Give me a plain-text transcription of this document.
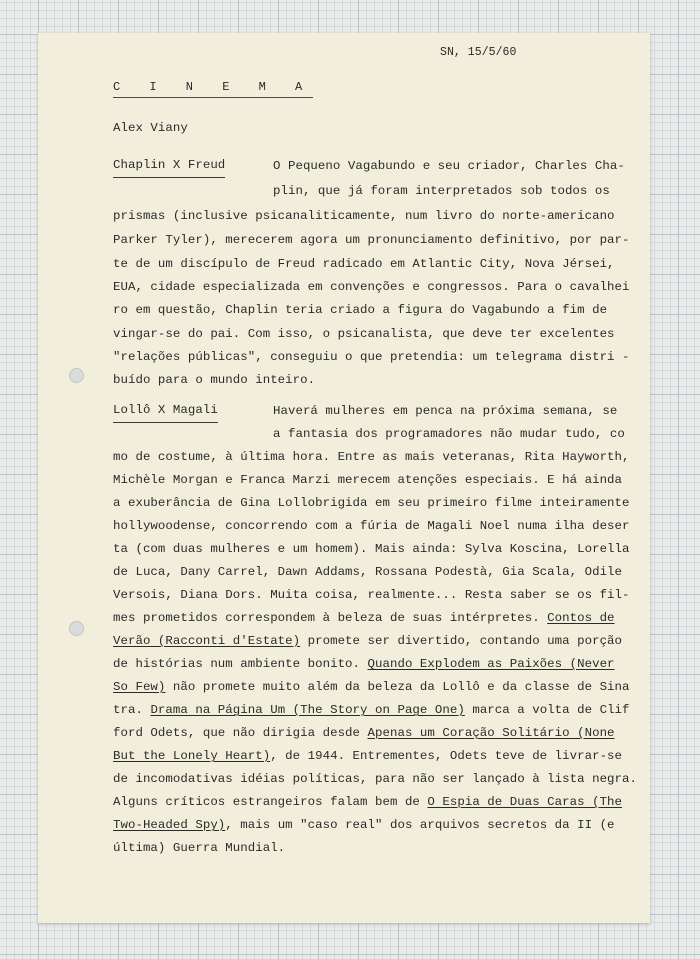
SN, 15/5/60
C I N E M A
Alex Viany
Chaplin X Freud	O Pequeno Vagabundo e seu criador, Charles Cha-
plin, que já foram interpretados sob todos os
prismas (inclusive psicanaliticamente, num livro do norte-americano
Parker Tyler), merecerem agora um pronunciamento definitivo, por par-
te de um discípulo de Freud radicado em Atlantic City, Nova Jérsei,
EUA, cidade especializada em convenções e congressos. Para o cavalhei
ro em questão, Chaplin teria criado a figura do Vagabundo a fim de
vingar-se do pai. Com isso, o psicanalista, que deve ter excelentes
"relações públicas", conseguiu o que pretendia: um telegrama distri -
buído para o mundo inteiro.
Lollô X Magali	Haverá mulheres em penca na próxima semana, se
a fantasia dos programadores não mudar tudo, co
mo de costume, à última hora. Entre as mais veteranas, Rita Hayworth,
Michèle Morgan e Franca Marzi merecem atenções especiais. E há ainda
a exuberância de Gina Lollobrigida em seu primeiro filme inteiramente
hollywoodense, concorrendo com a fúria de Magali Noel numa ilha deser
ta (com duas mulheres e um homem). Mais ainda: Sylva Koscina, Lorella
de Luca, Dany Carrel, Dawn Addams, Rossana Podestà, Gia Scala, Odile
Versois, Diana Dors. Muita coisa, realmente... Resta saber se os fil-
mes prometidos correspondem à beleza de suas intérpretes. Contos de
Verão (Racconti d'Estate) promete ser divertido, contando uma porção
de histórias num ambiente bonito. Quando Explodem as Paixões (Never
So Few) não promete muito além da beleza da Lollô e da classe de Sina
tra. Drama na Página Um (The Story on Page One) marca a volta de Clif
ford Odets, que não dirigia desde Apenas um Coração Solitário (None
But the Lonely Heart), de 1944. Entrementes, Odets teve de livrar-se
de incomodativas idéias políticas, para não ser lançado à lista negra.
Alguns críticos estrangeiros falam bem de O Espia de Duas Caras (The
Two-Headed Spy), mais um "caso real" dos arquivos secretos da II (e
última) Guerra Mundial.
